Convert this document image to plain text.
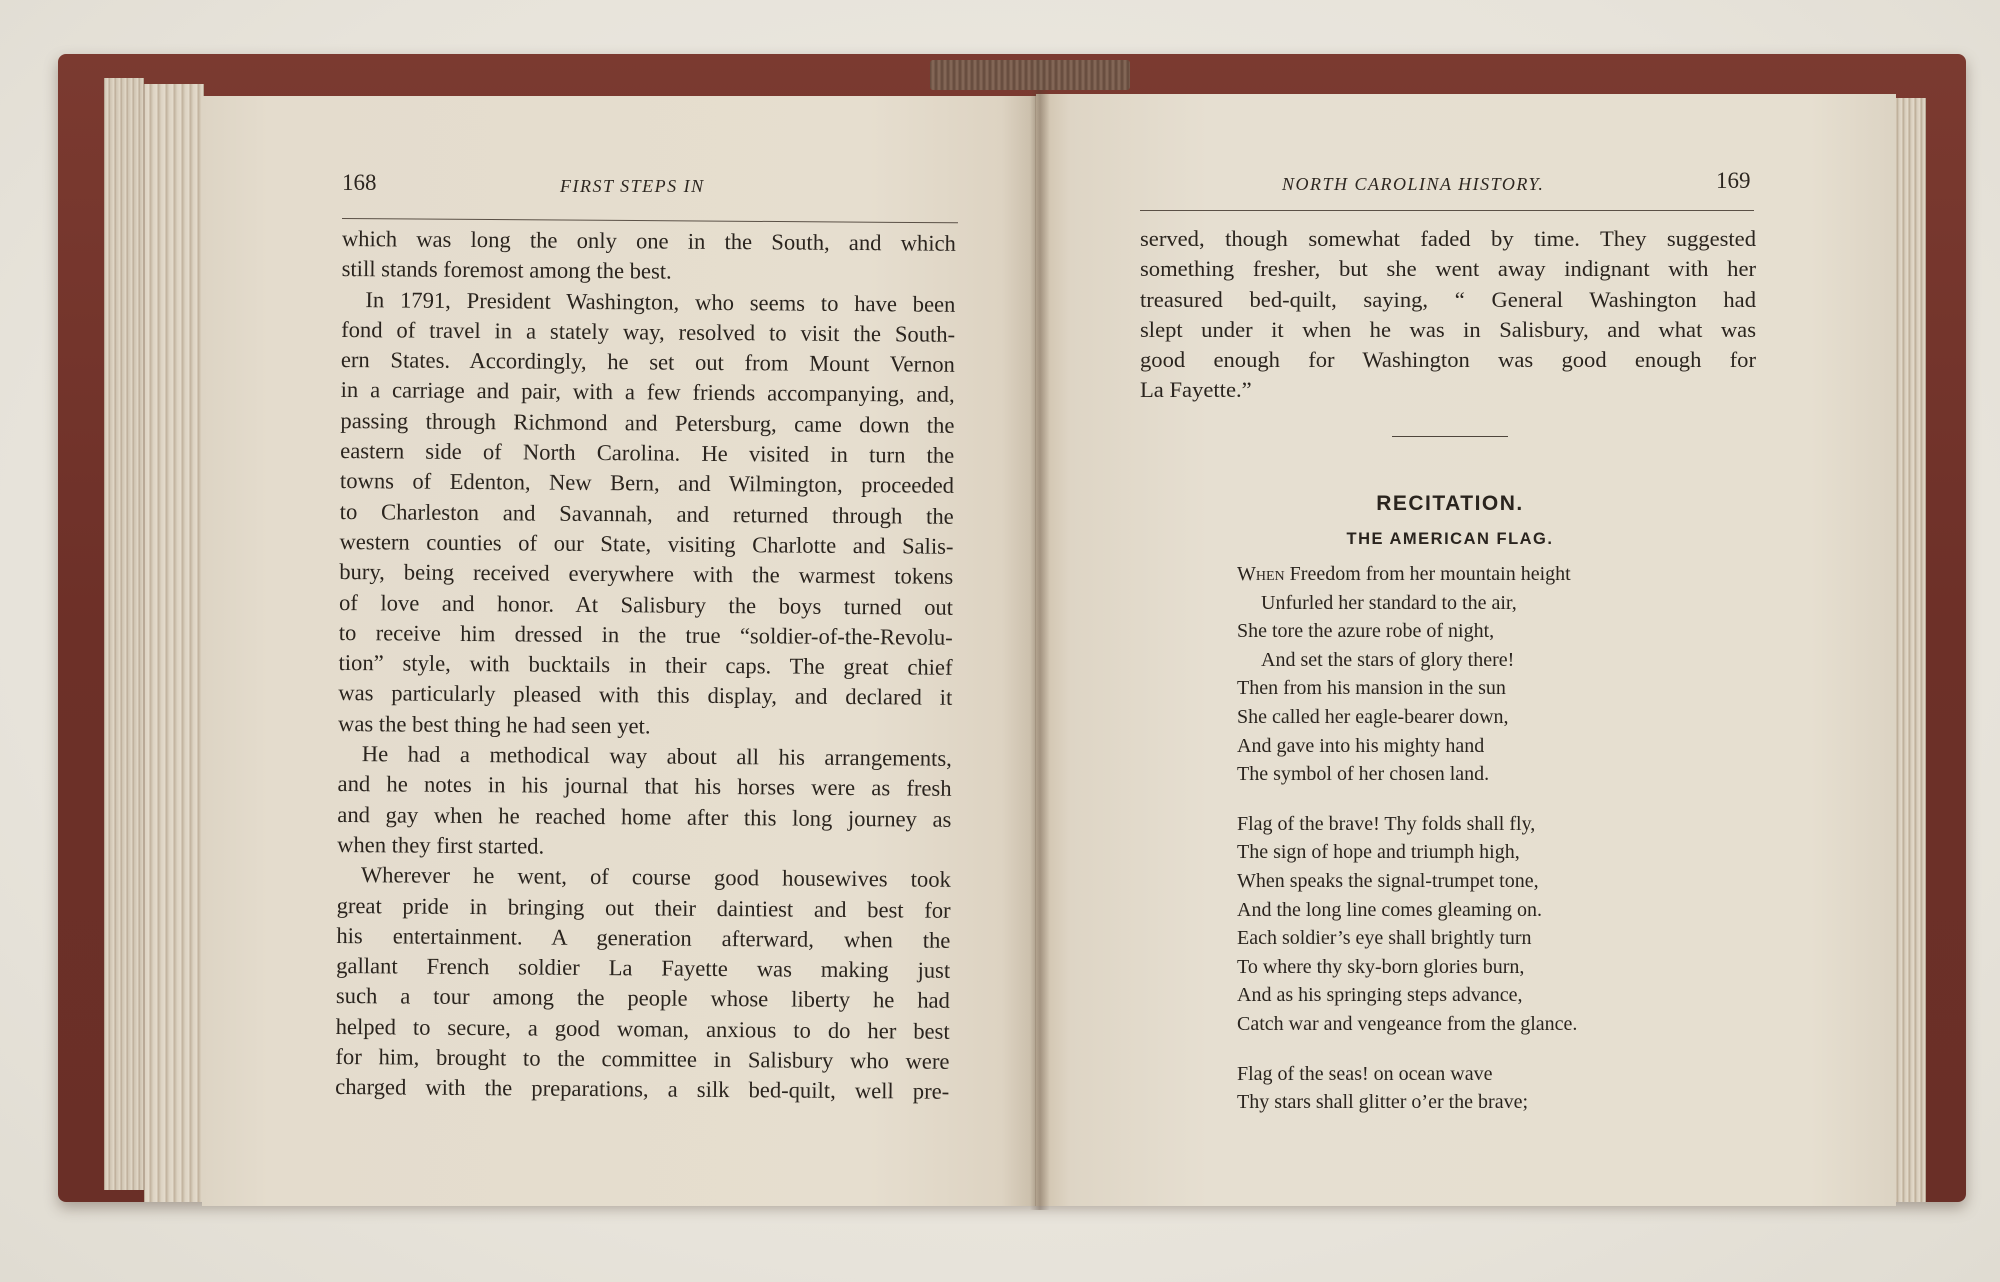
168	FIRST STEPS IN
which was long the only one in the South, and which
still stands foremost among the best.
In 1791, President Washington, who seems to have been
fond of travel in a stately way, resolved to visit the South-
ern States. Accordingly, he set out from Mount Vernon
in a carriage and pair, with a few friends accompanying, and,
passing through Richmond and Petersburg, came down the
eastern side of North Carolina. He visited in turn the
towns of Edenton, New Bern, and Wilmington, proceeded
to Charleston and Savannah, and returned through the
western counties of our State, visiting Charlotte and Salis-
bury, being received everywhere with the warmest tokens
of love and honor. At Salisbury the boys turned out
to receive him dressed in the true “soldier-of-the-Revolu-
tion” style, with bucktails in their caps. The great chief
was particularly pleased with this display, and declared it
was the best thing he had seen yet.
He had a methodical way about all his arrangements,
and he notes in his journal that his horses were as fresh
and gay when he reached home after this long journey as
when they first started.
Wherever he went, of course good housewives took
great pride in bringing out their daintiest and best for
his entertainment. A generation afterward, when the
gallant French soldier La Fayette was making just
such a tour among the people whose liberty he had
helped to secure, a good woman, anxious to do her best
for him, brought to the committee in Salisbury who were
charged with the preparations, a silk bed-quilt, well pre-
NORTH CAROLINA HISTORY.	169
served, though somewhat faded by time. They suggested
something fresher, but she went away indignant with her
treasured bed-quilt, saying, “ General Washington had
slept under it when he was in Salisbury, and what was
good enough for Washington was good enough for
La Fayette.”
RECITATION.
THE AMERICAN FLAG.
When Freedom from her mountain height
Unfurled her standard to the air,
She tore the azure robe of night,
And set the stars of glory there!
Then from his mansion in the sun
She called her eagle-bearer down,
And gave into his mighty hand
The symbol of her chosen land.
Flag of the brave! Thy folds shall fly,
The sign of hope and triumph high,
When speaks the signal-trumpet tone,
And the long line comes gleaming on.
Each soldier’s eye shall brightly turn
To where thy sky-born glories burn,
And as his springing steps advance,
Catch war and vengeance from the glance.
Flag of the seas! on ocean wave
Thy stars shall glitter o’er the brave;
